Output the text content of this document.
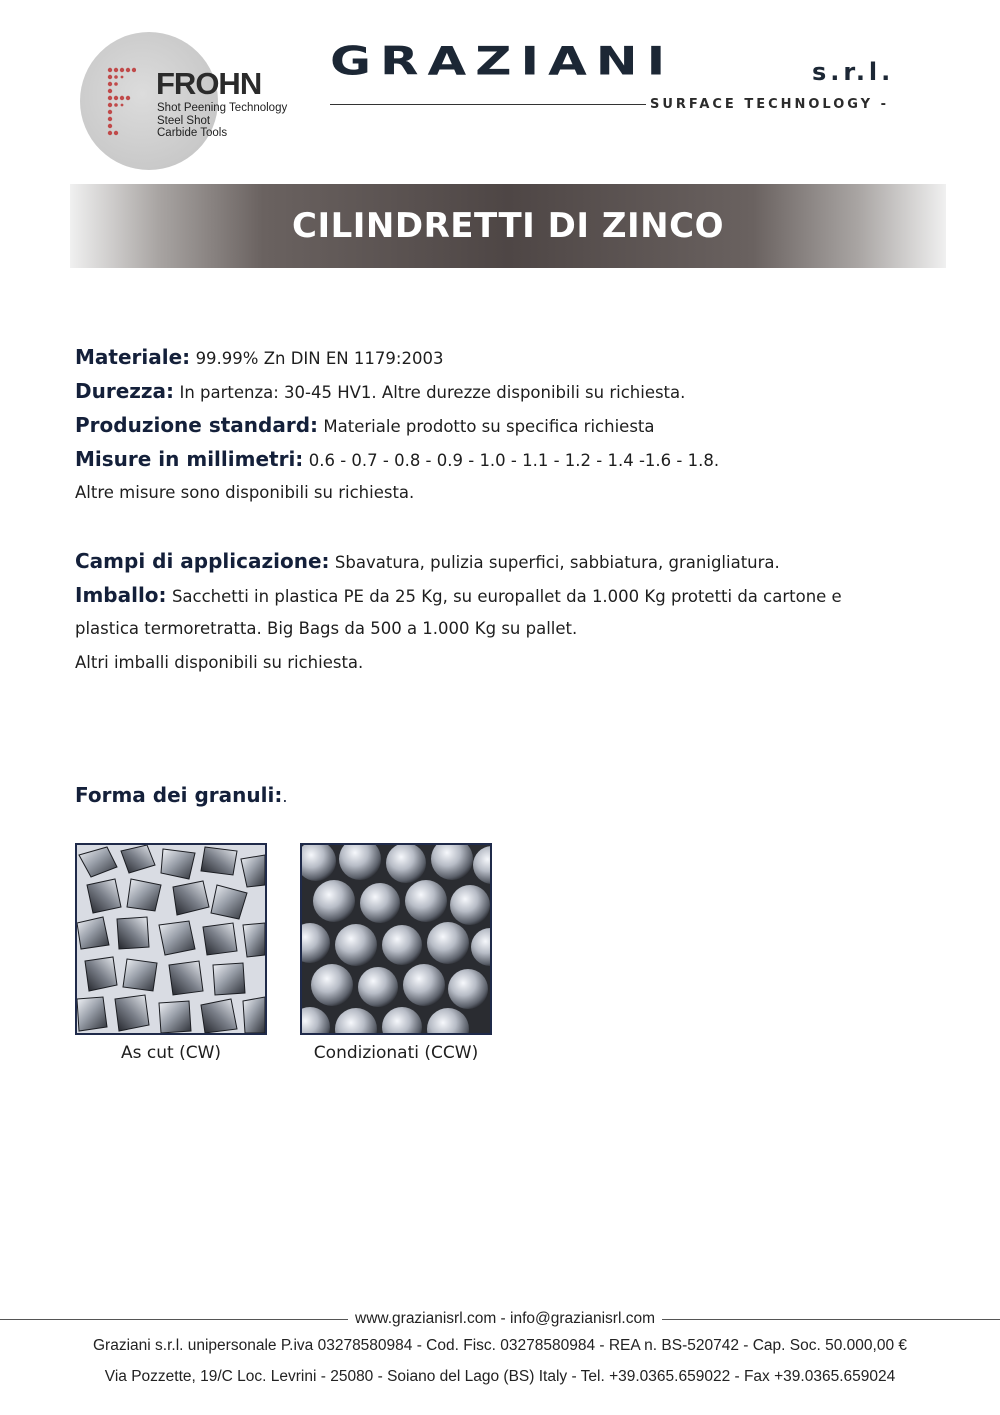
FROHN
Shot Peening Technology
Steel Shot
Carbide Tools
GRAZIANI	s.r.l.
SURFACE TECHNOLOGY -
CILINDRETTI DI ZINCO
Materiale: 99.99% Zn DIN EN 1179:2003
Durezza: In partenza: 30-45 HV1. Altre durezze disponibili su richiesta.
Produzione standard: Materiale prodotto su specifica richiesta
Misure in millimetri: 0.6 - 0.7 - 0.8 - 0.9 - 1.0 - 1.1 - 1.2 - 1.4 -1.6 - 1.8.
Altre misure sono disponibili su richiesta.
Campi di applicazione: Sbavatura, pulizia superfici, sabbiatura, granigliatura.
Imballo: Sacchetti in plastica PE da 25 Kg, su europallet da 1.000 Kg protetti da cartone e
plastica termoretratta. Big Bags da 500 a 1.000 Kg su pallet.
Altri imballi disponibili su richiesta.
Forma dei granuli:.
As cut (CW)	Condizionati (CCW)
www.grazianisrl.com - info@grazianisrl.com
Graziani s.r.l. unipersonale P.iva 03278580984 - Cod. Fisc. 03278580984 - REA n. BS-520742 - Cap. Soc. 50.000,00 €
Via Pozzette, 19/C Loc. Levrini - 25080 - Soiano del Lago (BS) Italy - Tel. +39.0365.659022 - Fax +39.0365.659024
